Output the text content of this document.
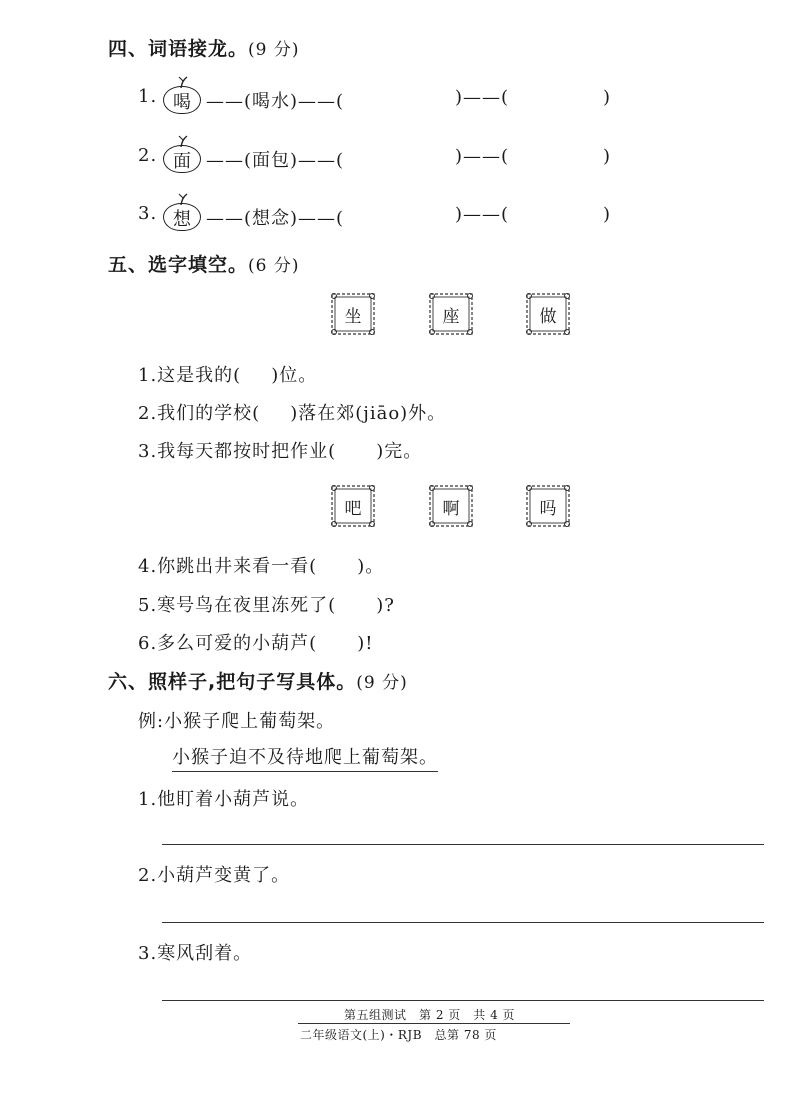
四、词语接龙。(9 分)
1. 喝 ——(喝水)——(	)——(	)
2. 面 ——(面包)——(	)——(	)
3. 想 ——(想念)——(	)——(	)
五、选字填空。(6 分)
坐	座	做
1.这是我的( )位。
2.我们的学校( )落在郊(jiāo)外。
3.我每天都按时把作业( )完。
吧	啊	吗
4.你跳出井来看一看( )。
5.寒号鸟在夜里冻死了( )?
6.多么可爱的小葫芦( )!
六、照样子,把句子写具体。(9 分)
例:小猴子爬上葡萄架。
小猴子迫不及待地爬上葡萄架。
1.他盯着小葫芦说。
2.小葫芦变黄了。
3.寒风刮着。
第五组测试　第 2 页　共 4 页
二年级语文(上)・RJB　总第 78 页
